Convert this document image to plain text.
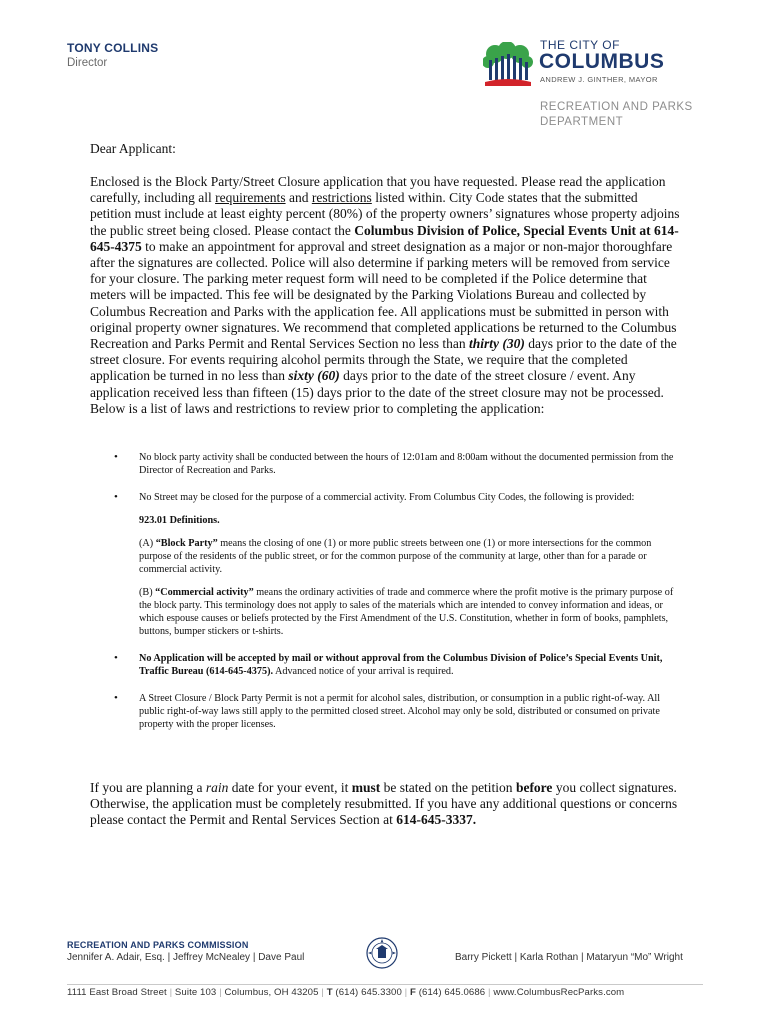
TONY COLLINS
Director
THE CITY OF
COLUMBUS
ANDREW J. GINTHER, MAYOR
RECREATION AND PARKS
DEPARTMENT
Dear Applicant:
Enclosed is the Block Party/Street Closure application that you have requested. Please read the application carefully, including all requirements and restrictions listed within. City Code states that the submitted petition must include at least eighty percent (80%) of the property owners’ signatures whose property adjoins the public street being closed. Please contact the Columbus Division of Police, Special Events Unit at 614-645-4375 to make an appointment for approval and street designation as a major or non-major thoroughfare after the signatures are collected. Police will also determine if parking meters will be removed from service for your closure. The parking meter request form will need to be completed if the Police determine that meters will be impacted. This fee will be designated by the Parking Violations Bureau and collected by Columbus Recreation and Parks with the application fee. All applications must be submitted in person with original property owner signatures. We recommend that completed applications be returned to the Columbus Recreation and Parks Permit and Rental Services Section no less than thirty (30) days prior to the date of the street closure. For events requiring alcohol permits through the State, we require that the completed application be turned in no less than sixty (60) days prior to the date of the street closure / event. Any application received less than fifteen (15) days prior to the date of the street closure may not be processed. Below is a list of laws and restrictions to review prior to completing the application:
• No block party activity shall be conducted between the hours of 12:01am and 8:00am without the documented permission from the Director of Recreation and Parks.
• No Street may be closed for the purpose of a commercial activity. From Columbus City Codes, the following is provided:
923.01 Definitions.
(A) “Block Party” means the closing of one (1) or more public streets between one (1) or more intersections for the common purpose of the residents of the public street, or for the common purpose of the community at large, other than for a parade or commercial activity.
(B) “Commercial activity” means the ordinary activities of trade and commerce where the profit motive is the primary purpose of the block party. This terminology does not apply to sales of the materials which are intended to convey information and ideas, or which espouse causes or beliefs protected by the First Amendment of the U.S. Constitution, whether in form of books, pamphlets, buttons, bumper stickers or t-shirts.
• No Application will be accepted by mail or without approval from the Columbus Division of Police’s Special Events Unit, Traffic Bureau (614-645-4375). Advanced notice of your arrival is required.
• A Street Closure / Block Party Permit is not a permit for alcohol sales, distribution, or consumption in a public right-of-way. All public right-of-way laws still apply to the permitted closed street. Alcohol may only be sold, distributed or consumed on private property with the proper licenses.
If you are planning a rain date for your event, it must be stated on the petition before you collect signatures. Otherwise, the application must be completely resubmitted. If you have any additional questions or concerns please contact the Permit and Rental Services Section at 614-645-3337.
RECREATION AND PARKS COMMISSION
Jennifer A. Adair, Esq. | Jeffrey McNealey | Dave Paul	Barry Pickett | Karla Rothan | Mataryun “Mo” Wright
1111 East Broad Street | Suite 103 | Columbus, OH 43205 | T (614) 645.3300 | F (614) 645.0686 | www.ColumbusRecParks.com
